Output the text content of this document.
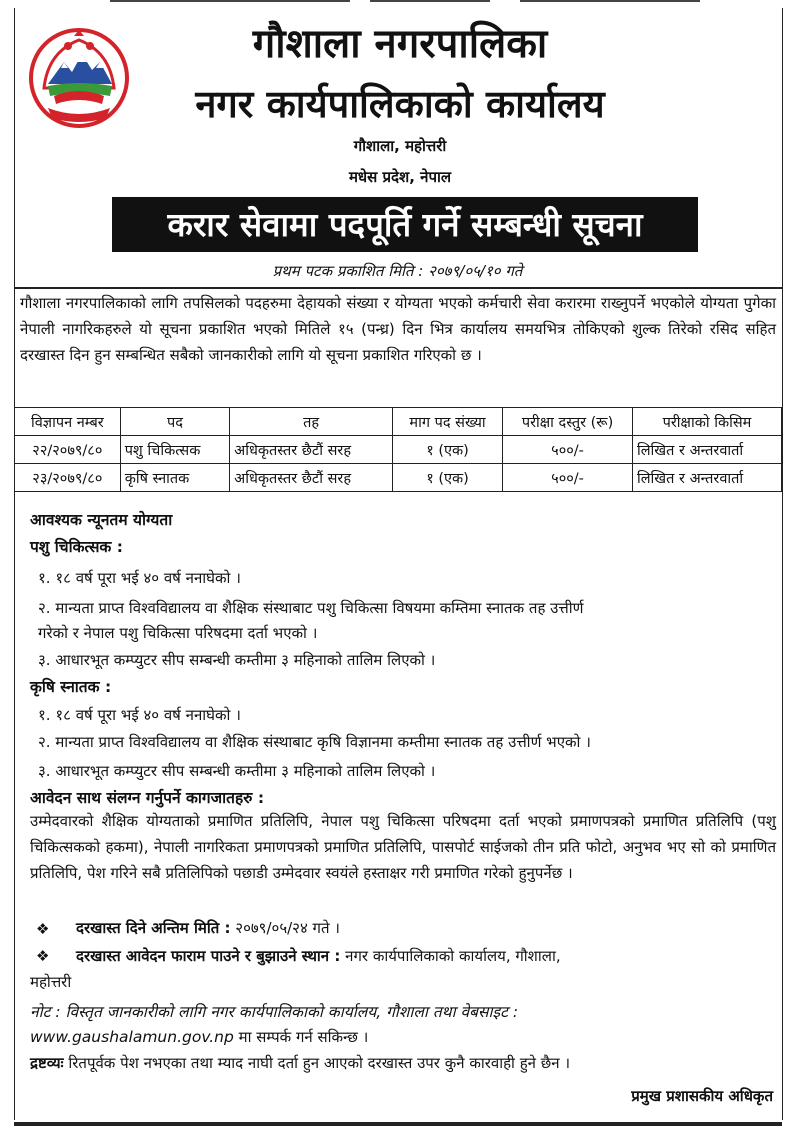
गौशाला नगरपालिका
नगर कार्यपालिकाको कार्यालय
गौशाला, महोत्तरी
मधेस प्रदेश, नेपाल
करार सेवामा पदपूर्ति गर्ने सम्बन्धी सूचना
प्रथम पटक प्रकाशित मिति : २०७९/०५/१० गते
गौशाला नगरपालिकाको लागि तपसिलको पदहरुमा देहायको संख्या र योग्यता भएको कर्मचारी सेवा करारमा राख्नुपर्ने भएकोले योग्यता पुगेका नेपाली नागरिकहरुले यो सूचना प्रकाशित भएको मितिले १५ (पन्ध्र) दिन भित्र कार्यालय समयभित्र तोकिएको शुल्क तिरेको रसिद सहित दरखास्त दिन हुन सम्बन्धित सबैको जानकारीको लागि यो सूचना प्रकाशित गरिएको छ ।
विज्ञापन नम्बर	पद	तह	माग पद संख्या	परीक्षा दस्तुर (रू)	परीक्षाको किसिम
२२/२०७९/८०	पशु चिकित्सक	अधिकृतस्तर छैटौं सरह	१ (एक)	५००/-	लिखित र अन्तरवार्ता
२३/२०७९/८०	कृषि स्नातक	अधिकृतस्तर छैटौं सरह	१ (एक)	५००/-	लिखित र अन्तरवार्ता
आवश्यक न्यूनतम योग्यता
पशु चिकित्सक :
१. १८ वर्ष पूरा भई ४० वर्ष ननाघेको ।
२. मान्यता प्राप्त विश्वविद्यालय वा शैक्षिक संस्थाबाट पशु चिकित्सा विषयमा कम्तिमा स्नातक तह उत्तीर्ण
गरेको र नेपाल पशु चिकित्सा परिषदमा दर्ता भएको ।
३. आधारभूत कम्प्युटर सीप सम्बन्धी कम्तीमा ३ महिनाको तालिम लिएको ।
कृषि स्नातक :
१. १८ वर्ष पूरा भई ४० वर्ष ननाघेको ।
२. मान्यता प्राप्त विश्वविद्यालय वा शैक्षिक संस्थाबाट कृषि विज्ञानमा कम्तीमा स्नातक तह उत्तीर्ण भएको ।
३. आधारभूत कम्प्युटर सीप सम्बन्धी कम्तीमा ३ महिनाको तालिम लिएको ।
आवेदन साथ संलग्न गर्नुपर्ने कागजातहरु :
उम्मेदवारको शैक्षिक योग्यताको प्रमाणित प्रतिलिपि, नेपाल पशु चिकित्सा परिषदमा दर्ता भएको प्रमाणपत्रको प्रमाणित प्रतिलिपि (पशु चिकित्सकको हकमा), नेपाली नागरिकता प्रमाणपत्रको प्रमाणित प्रतिलिपि, पासपोर्ट साईजको तीन प्रति फोटो, अनुभव भए सो को प्रमाणित प्रतिलिपि, पेश गरिने सबै प्रतिलिपिको पछाडी उम्मेदवार स्वयंले हस्ताक्षर गरी प्रमाणित गरेको हुनुपर्नेछ ।
❖ दरखास्त दिने अन्तिम मिति : २०७९/०५/२४ गते ।
❖ दरखास्त आवेदन फाराम पाउने र बुझाउने स्थान : नगर कार्यपालिकाको कार्यालय, गौशाला,
महोत्तरी
नोट : विस्तृत जानकारीको लागि नगर कार्यपालिकाको कार्यालय, गौशाला तथा वेबसाइट :
www.gaushalamun.gov.np मा सम्पर्क गर्न सकिन्छ ।
द्रष्टव्यः रितपूर्वक पेश नभएका तथा म्याद नाघी दर्ता हुन आएको दरखास्त उपर कुनै कारवाही हुने छैन ।
प्रमुख प्रशासकीय अधिकृत
